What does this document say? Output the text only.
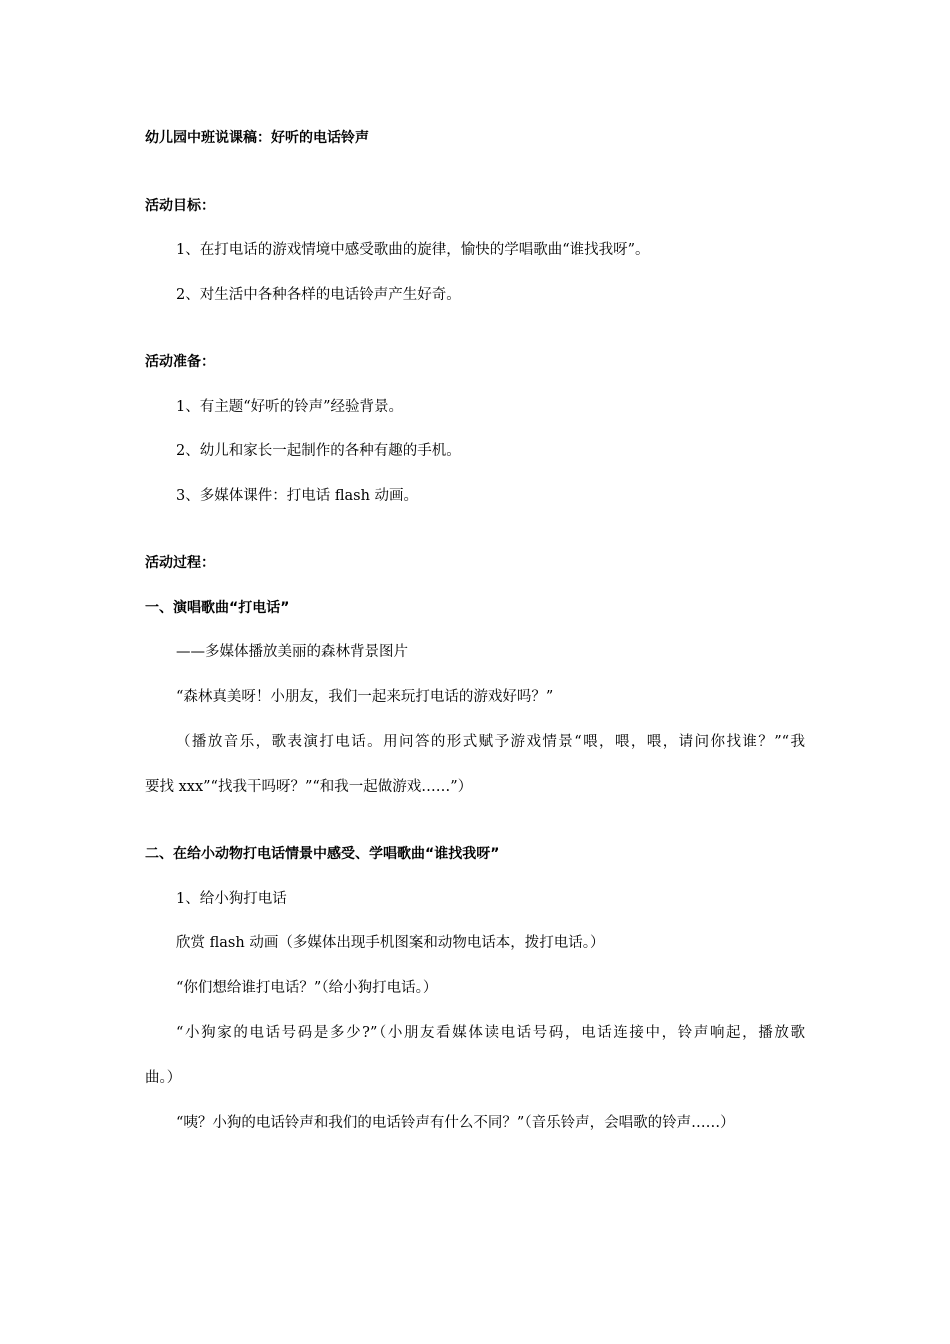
幼儿园中班说课稿：好听的电话铃声
活动目标：
1、在打电话的游戏情境中感受歌曲的旋律，愉快的学唱歌曲“谁找我呀”。
2、对生活中各种各样的电话铃声产生好奇。
活动准备：
1、有主题“好听的铃声”经验背景。
2、幼儿和家长一起制作的各种有趣的手机。
3、多媒体课件：打电话 flash 动画。
活动过程：
一、演唱歌曲“打电话”
——多媒体播放美丽的森林背景图片
“森林真美呀！小朋友，我们一起来玩打电话的游戏好吗？”
（播放音乐，歌表演打电话。用问答的形式赋予游戏情景“喂，喂，喂，请问你找谁？”“我
要找 xxx”“找我干吗呀？”“和我一起做游戏……”）
二、在给小动物打电话情景中感受、学唱歌曲“谁找我呀”
1、给小狗打电话
欣赏 flash 动画（多媒体出现手机图案和动物电话本，拨打电话。）
“你们想给谁打电话？”（给小狗打电话。）
“小狗家的电话号码是多少?”（小朋友看媒体读电话号码，电话连接中，铃声响起，播放歌
曲。）
“咦？小狗的电话铃声和我们的电话铃声有什么不同？”（音乐铃声，会唱歌的铃声……）
